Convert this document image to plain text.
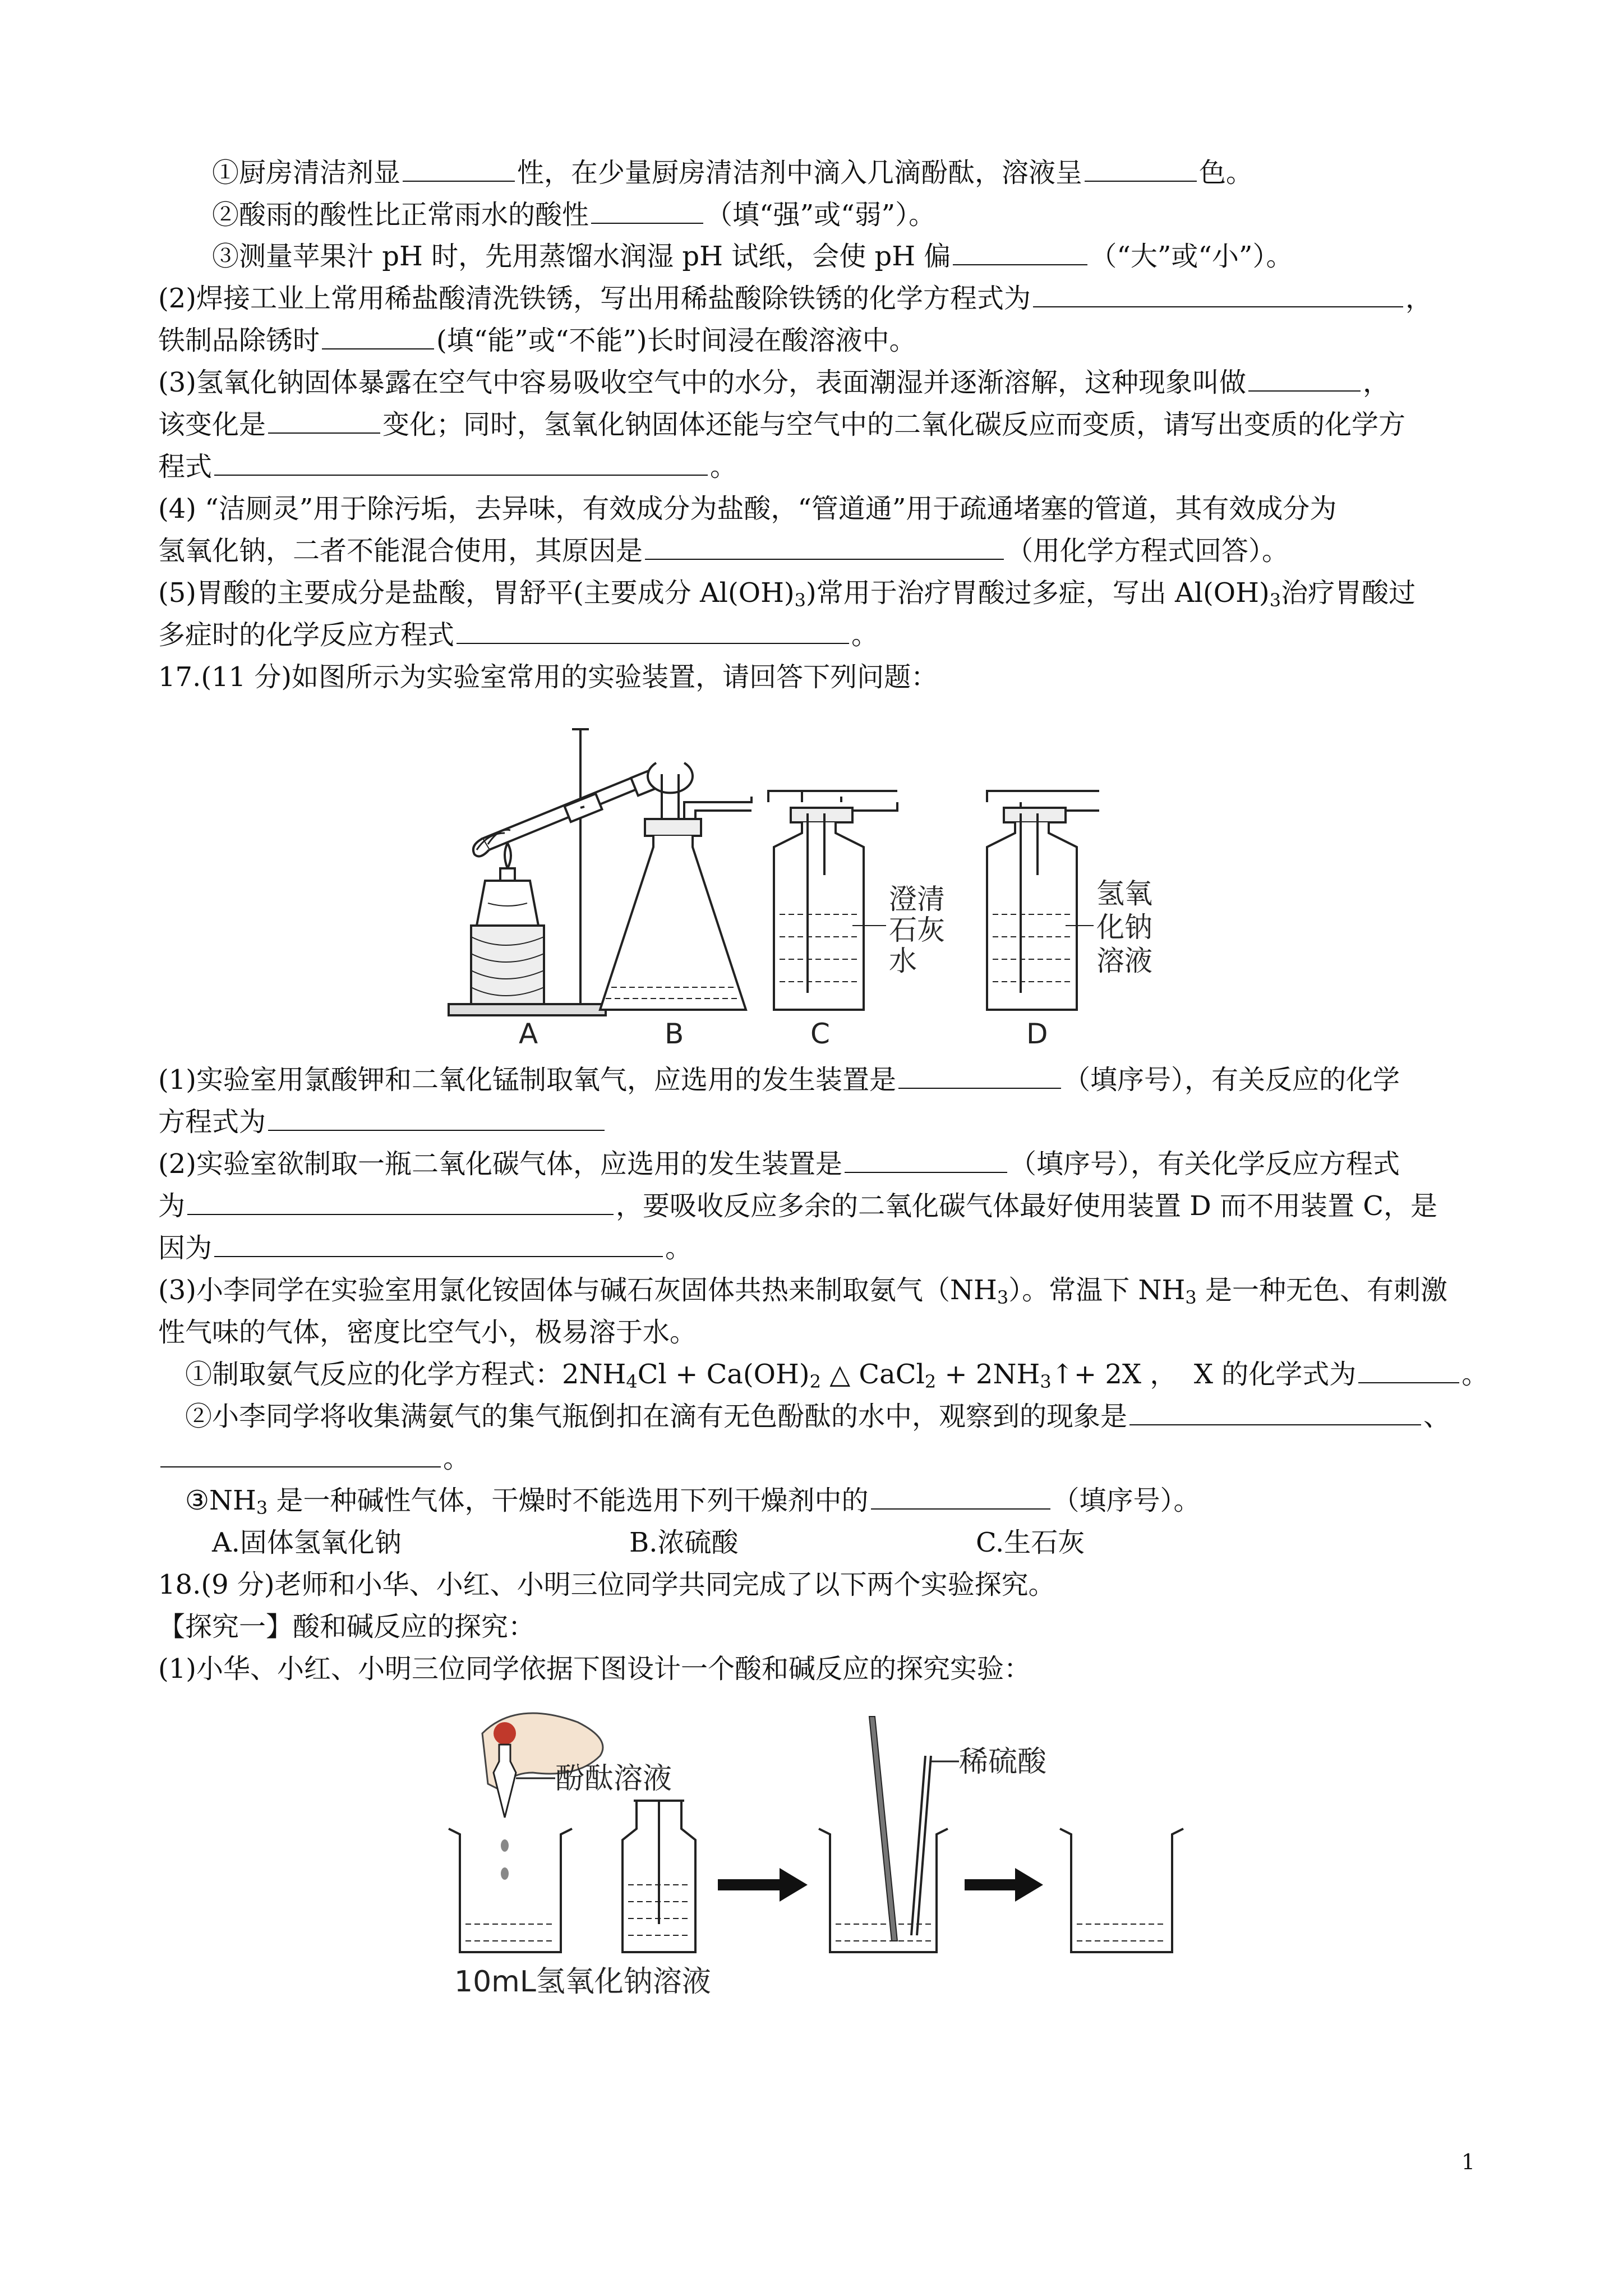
①厨房清洁剂显	性，在少量厨房清洁剂中滴入几滴酚酞，溶液呈	色。
②酸雨的酸性比正常雨水的酸性	（填“强”或“弱”）。
③测量苹果汁 pH 时，先用蒸馏水润湿 pH 试纸，会使 pH 偏	（“大”或“小”）。
(2)焊接工业上常用稀盐酸清洗铁锈，写出用稀盐酸除铁锈的化学方程式为	，
铁制品除锈时	(填“能”或“不能”)长时间浸在酸溶液中。
(3)氢氧化钠固体暴露在空气中容易吸收空气中的水分，表面潮湿并逐渐溶解，这种现象叫做	，
该变化是	变化；同时，氢氧化钠固体还能与空气中的二氧化碳反应而变质，请写出变质的化学方
程式	。
(4) “洁厕灵”用于除污垢，去异味，有效成分为盐酸，“管道通”用于疏通堵塞的管道，其有效成分为
氢氧化钠，二者不能混合使用，其原因是	（用化学方程式回答）。
(5)胃酸的主要成分是盐酸，胃舒平(主要成分 $Al(OH)_3$)常用于治疗胃酸过多症，写出 $Al(OH)_3$治疗胃酸过
多症时的化学反应方程式	。
17.(11 分)如图所示为实验室常用的实验装置，请回答下列问题：
澄清
石灰
水
氢氧
化钠
溶液
A	B	C	D
(1)实验室用氯酸钾和二氧化锰制取氧气，应选用的发生装置是	（填序号），有关反应的化学
方程式为
(2)实验室欲制取一瓶二氧化碳气体，应选用的发生装置是	（填序号），有关化学反应方程式
为	，要吸收反应多余的二氧化碳气体最好使用装置 D 而不用装置 C，是
因为	。
(3)小李同学在实验室用氯化铵固体与碱石灰固体共热来制取氨气$(NH_3)$。常温下 $NH_3$ 是一种无色、有刺激
性气味的气体，密度比空气小，极易溶于水。
①制取氨气反应的化学方程式：$2NH_4Cl + Ca(OH)_2$ △ CaCl$_2$ + $2NH_3↑+ 2X$ ，  X 的化学式为	。
②小李同学将收集满氨气的集气瓶倒扣在滴有无色酚酞的水中，观察到的现象是	、
。
$③NH_3$ 是一种碱性气体，干燥时不能选用下列干燥剂中的	（填序号）。
A.固体氢氧化钠	B.浓硫酸	C.生石灰
18.(9 分)老师和小华、小红、小明三位同学共同完成了以下两个实验探究。
【探究一】酸和碱反应的探究：
(1)小华、小红、小明三位同学依据下图设计一个酸和碱反应的探究实验：
酚酞溶液
10mL氢氧化钠溶液
稀硫酸
1
